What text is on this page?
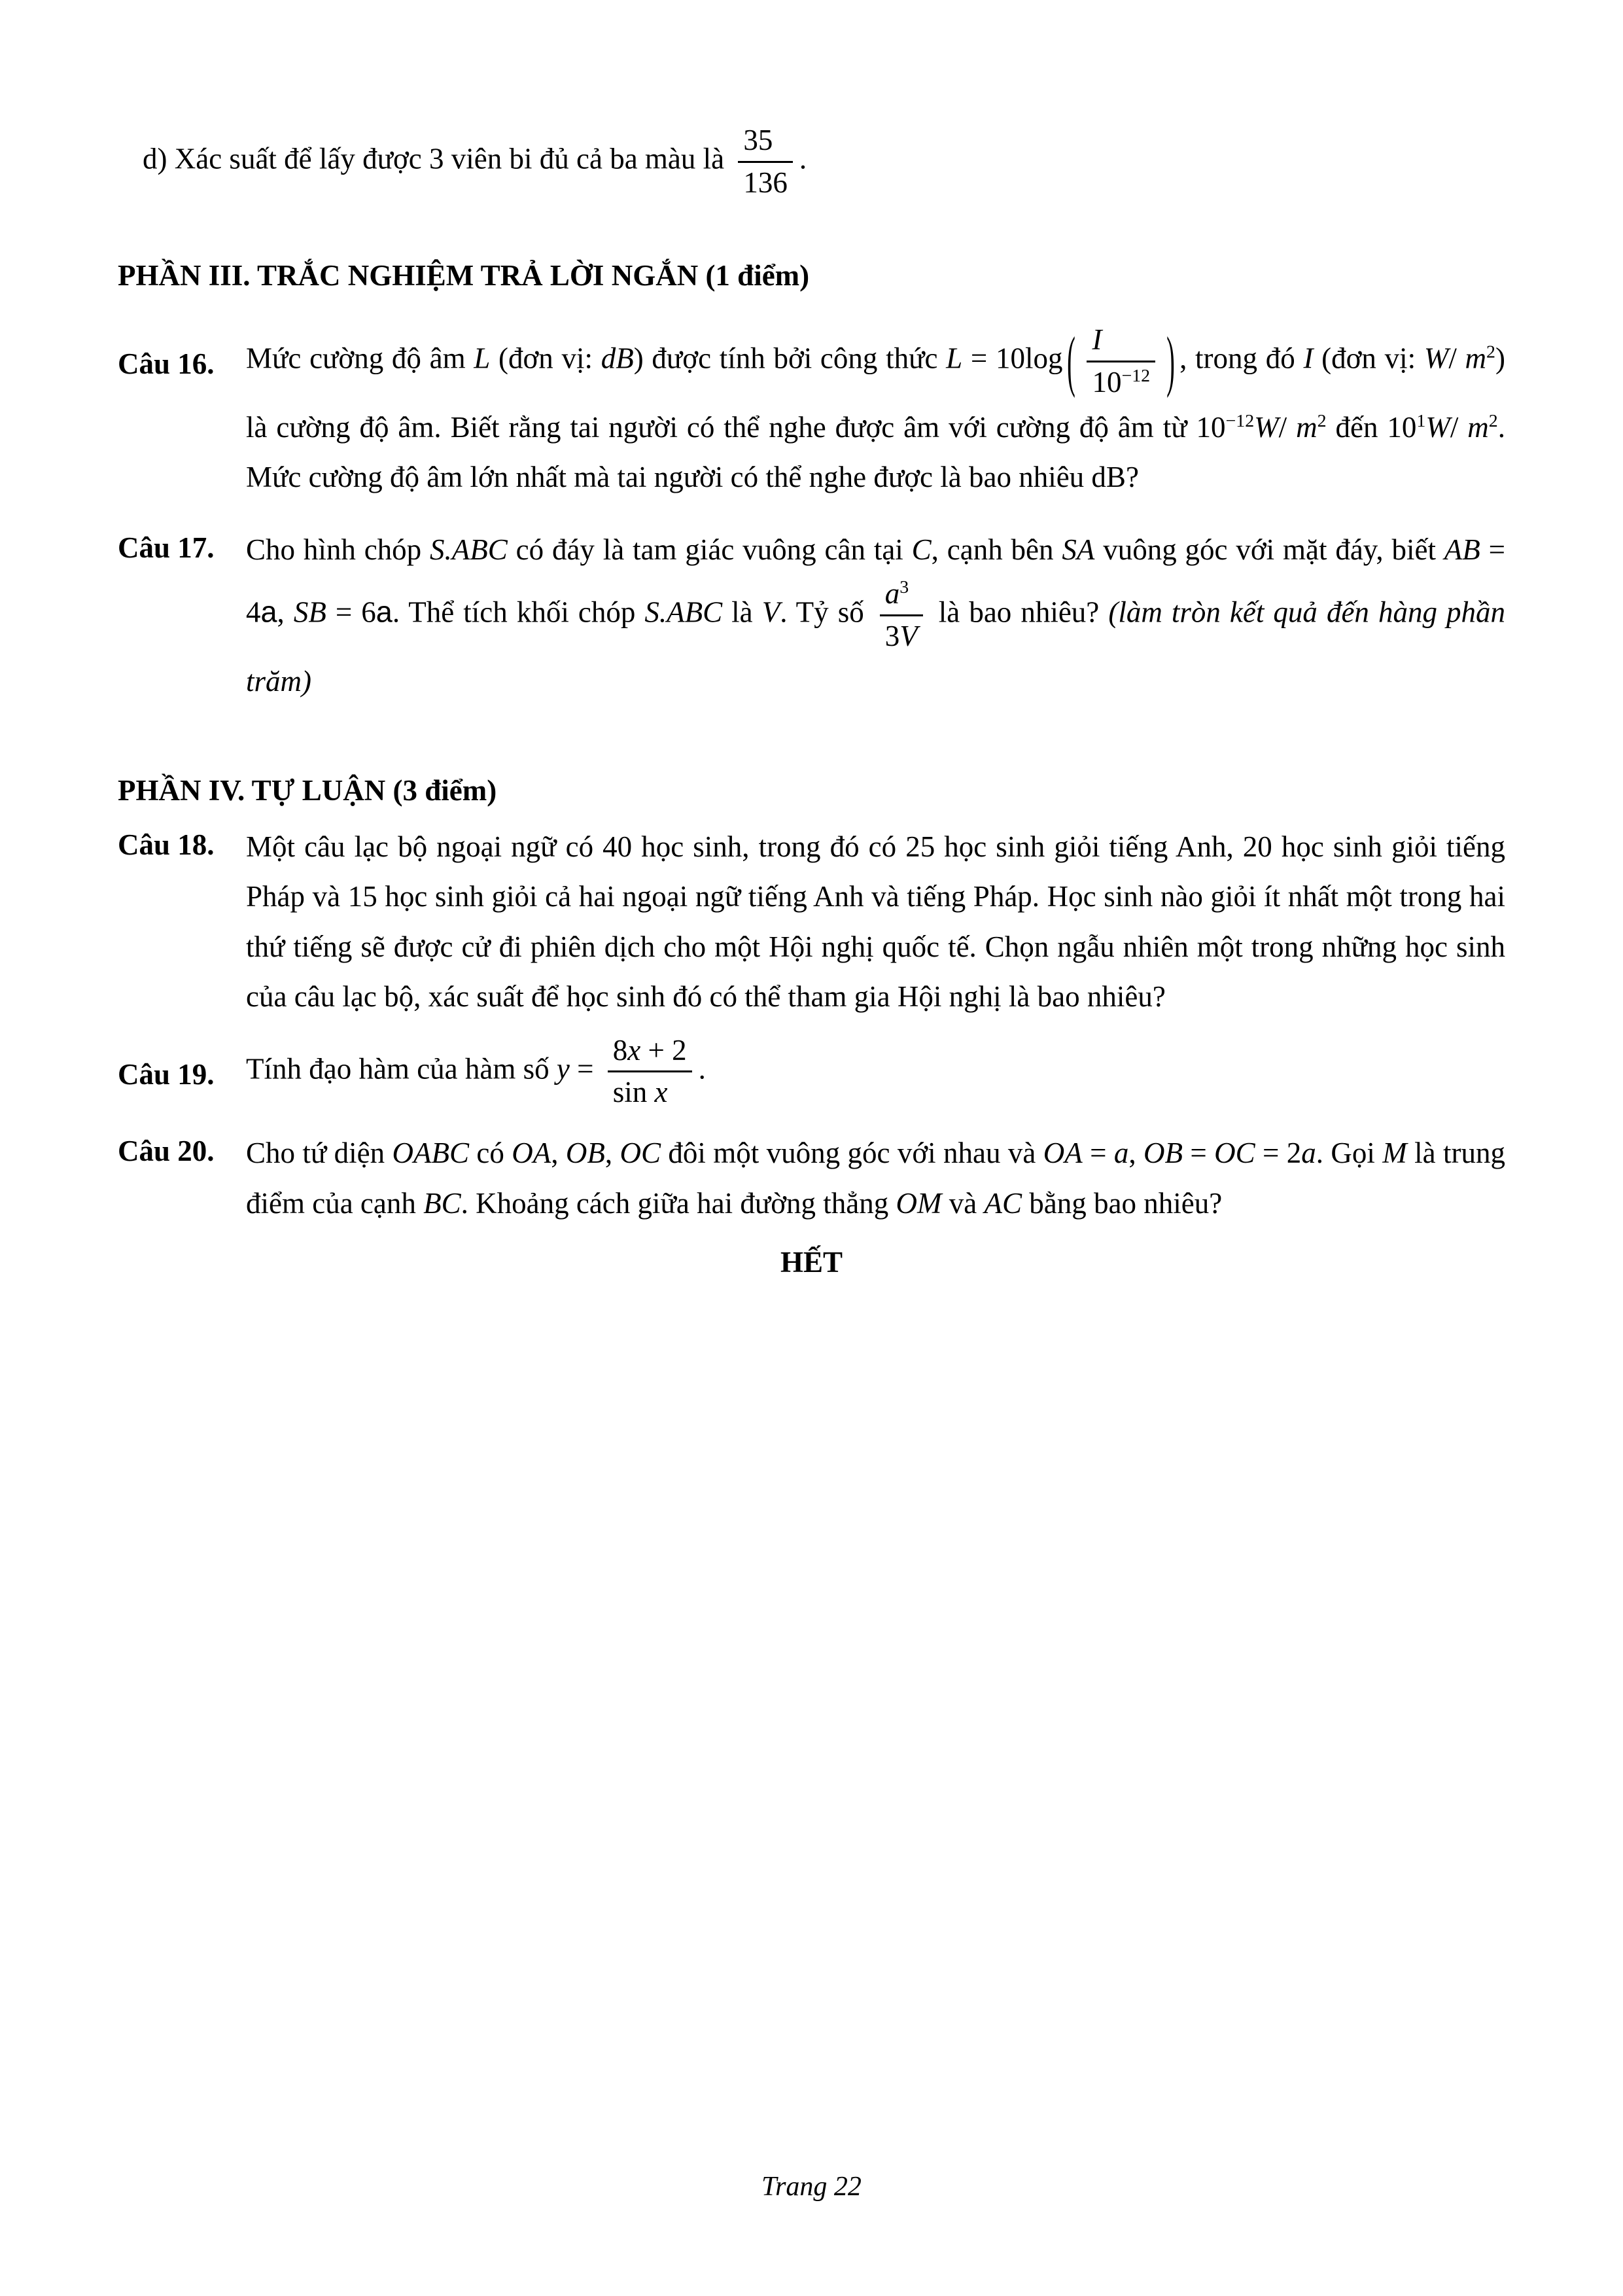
d) Xác suất để lấy được 3 viên bi đủ cả ba màu là $\frac{35}{136}$ .
PHẦN III. TRẮC NGHIỆM TRẢ LỜI NGẮN (1 điểm)
Câu 16. Mức cường độ âm L (đơn vị: dB) được tính bởi công thức L = 10log ( $\frac{I}{10^{-12}}$ ) , trong đó I (đơn vị: W/ $m^2$) là cường độ âm. Biết rằng tai người có thể nghe được âm với cường độ âm từ $10^{-12}W/$ $m^2$ đến $10^1W/$ $m^2$. Mức cường độ âm lớn nhất mà tai người có thể nghe được là bao nhiêu dB?
Câu 17. Cho hình chóp S.ABC có đáy là tam giác vuông cân tại C, cạnh bên SA vuông góc với mặt đáy, biết AB = 4a, SB = 6a. Thể tích khối chóp S.ABC là V. Tỷ số $\frac{a^3}{3V}$ là bao nhiêu? (làm tròn kết quả đến hàng phần trăm)
PHẦN IV. TỰ LUẬN (3 điểm)
Câu 18. Một câu lạc bộ ngoại ngữ có 40 học sinh, trong đó có 25 học sinh giỏi tiếng Anh, 20 học sinh giỏi tiếng Pháp và 15 học sinh giỏi cả hai ngoại ngữ tiếng Anh và tiếng Pháp. Học sinh nào giỏi ít nhất một trong hai thứ tiếng sẽ được cử đi phiên dịch cho một Hội nghị quốc tế. Chọn ngẫu nhiên một trong những học sinh của câu lạc bộ, xác suất để học sinh đó có thể tham gia Hội nghị là bao nhiêu?
Câu 19. Tính đạo hàm của hàm số $y = \frac{8x + 2}{\text{sin x}}$ .
Câu 20. Cho tứ diện OABC có OA, OB, OC đôi một vuông góc với nhau và OA = a, OB = OC = 2a. Gọi M là trung điểm của cạnh BC. Khoảng cách giữa hai đường thẳng OM và AC bằng bao nhiêu?
HẾT
Trang 22
